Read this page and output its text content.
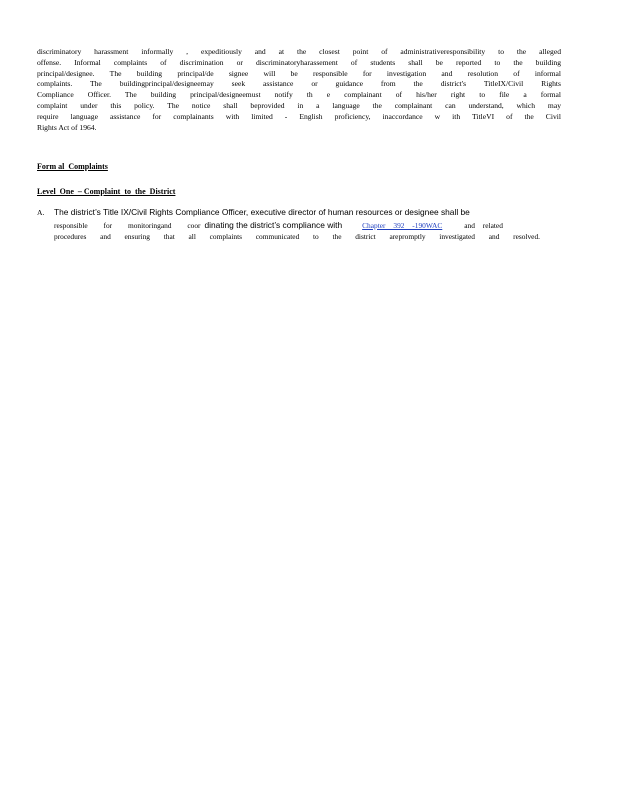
discriminatory harassment informally , expeditiously and at the closest point of administrativeresponsibility to the alleged
offense. Informal complaints of discrimination or discriminatoryharassement of students shall be reported to the building
principal/designee. The building principal/de signee will be responsible for investigation and resolution of informal
complaints. The buildingprincipal/designeemay seek assistance or guidance from the district's TitleIX/Civil Rights
Compliance Officer. The building principal/designeemust notify th e complainant of his/her right to file a formal
complaint under this policy. The notice shall beprovided in a language the complainant can understand, which may
require language assistance for complainants with limited - English proficiency, inaccordance w ith TitleVI of the Civil
Rights Act of 1964.
Form al  Complaints
Level  One  – Complaint  to  the  District
A. The district’s Title IX/Civil Rights Compliance Officer, executive director of human resources or designee shall be
responsible for monitoringand coor dinating the district’s compliance with	Chapter 392 -190WAC	and related
procedures and ensuring that all complaints communicated to the district arepromptly investigated and resolved.
